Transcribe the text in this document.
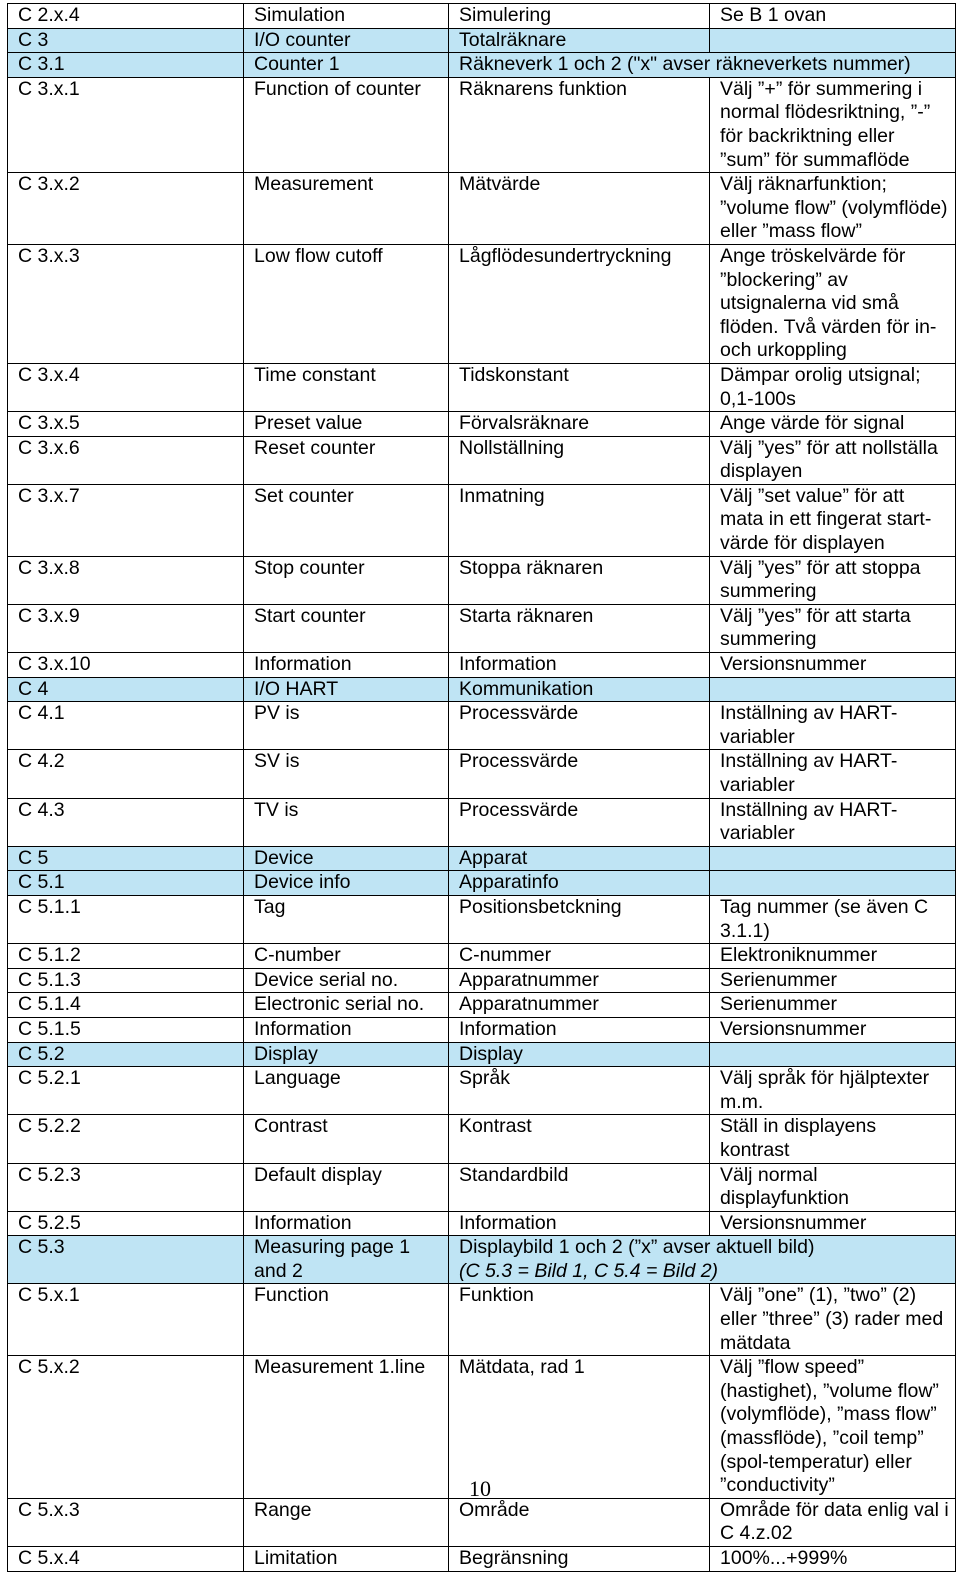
C 2.x.4	Simulation	Simulering	Se B 1 ovan
C 3	I/O counter	Totalräknare	
C 3.1	Counter 1	Räkneverk 1 och 2 ("x" avser räkneverkets nummer)	
C 3.x.1	Function of counter	Räknarens funktion	Välj ”+” för summering i normal flödesriktning, ”-” för backriktning eller ”sum” för summaflöde
C 3.x.2	Measurement	Mätvärde	Välj räknarfunktion; ”volume flow” (volymflöde) eller ”mass flow”
C 3.x.3	Low flow cutoff	Lågflödesundertryckning	Ange tröskelvärde för ”blockering” av utsignalerna vid små flöden. Två värden för in- och urkoppling
C 3.x.4	Time constant	Tidskonstant	Dämpar orolig utsignal; 0,1-100s
C 3.x.5	Preset value	Förvalsräknare	Ange värde för signal
C 3.x.6	Reset counter	Nollställning	Välj ”yes” för att nollställa displayen
C 3.x.7	Set counter	Inmatning	Välj ”set value” för att mata in ett fingerat start-värde för displayen
C 3.x.8	Stop counter	Stoppa räknaren	Välj ”yes” för att stoppa summering
C 3.x.9	Start counter	Starta räknaren	Välj ”yes” för att starta summering
C 3.x.10	Information	Information	Versionsnummer
C 4	I/O HART	Kommunikation	
C 4.1	PV is	Processvärde	Inställning av HART-variabler
C 4.2	SV is	Processvärde	Inställning av HART-variabler
C 4.3	TV is	Processvärde	Inställning av HART-variabler
C 5	Device	Apparat	
C 5.1	Device info	Apparatinfo	
C 5.1.1	Tag	Positionsbetckning	Tag nummer (se även C 3.1.1)
C 5.1.2	C-number	C-nummer	Elektroniknummer
C 5.1.3	Device serial no.	Apparatnummer	Serienummer
C 5.1.4	Electronic serial no.	Apparatnummer	Serienummer
C 5.1.5	Information	Information	Versionsnummer
C 5.2	Display	Display	
C 5.2.1	Language	Språk	Välj språk för hjälptexter m.m.
C 5.2.2	Contrast	Kontrast	Ställ in displayens kontrast
C 5.2.3	Default display	Standardbild	Välj normal displayfunktion
C 5.2.5	Information	Information	Versionsnummer
C 5.3	Measuring page 1 and 2	Displaybild 1 och 2 (”x” avser aktuell bild)
(C 5.3 = Bild 1, C 5.4 = Bild 2)	

C 5.x.1	Function	Funktion	Välj ”one” (1), ”two” (2) eller ”three” (3) rader med mätdata
C 5.x.2	Measurement 1.line	Mätdata, rad 1	Välj ”flow speed” (hastighet), ”volume flow” (volymflöde), ”mass flow” (massflöde), ”coil temp” (spol-temperatur) eller ”conductivity”
C 5.x.3	Range	Område	Område för data enlig val i C 4.z.02
C 5.x.4	Limitation	Begränsning	100%...+999%
10
